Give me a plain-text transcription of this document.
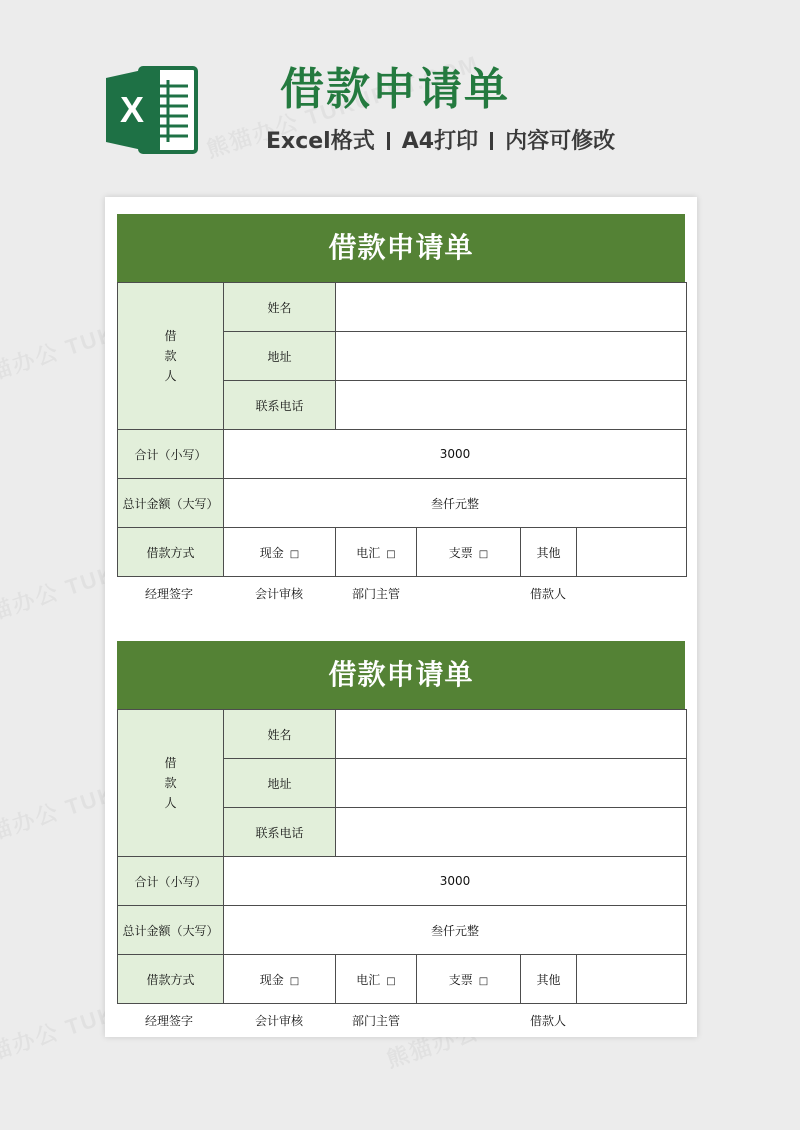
X	借款申请单
Excel格式 A4打印 内容可修改
借款申请单
借
款
人	姓名				
	地址				
	联系电话				
合计（小写）	3000				
总计金额（大写）	叁仟元整				
借款方式	现金 □	电汇 □	支票 □	其他	
经理签字	会计审核	部门主管	借款人
借款申请单
借
款
人	姓名				
	地址				
	联系电话				
合计（小写）	3000				
总计金额（大写）	叁仟元整				
借款方式	现金 □	电汇 □	支票 □	其他	
经理签字	会计审核	部门主管	借款人
